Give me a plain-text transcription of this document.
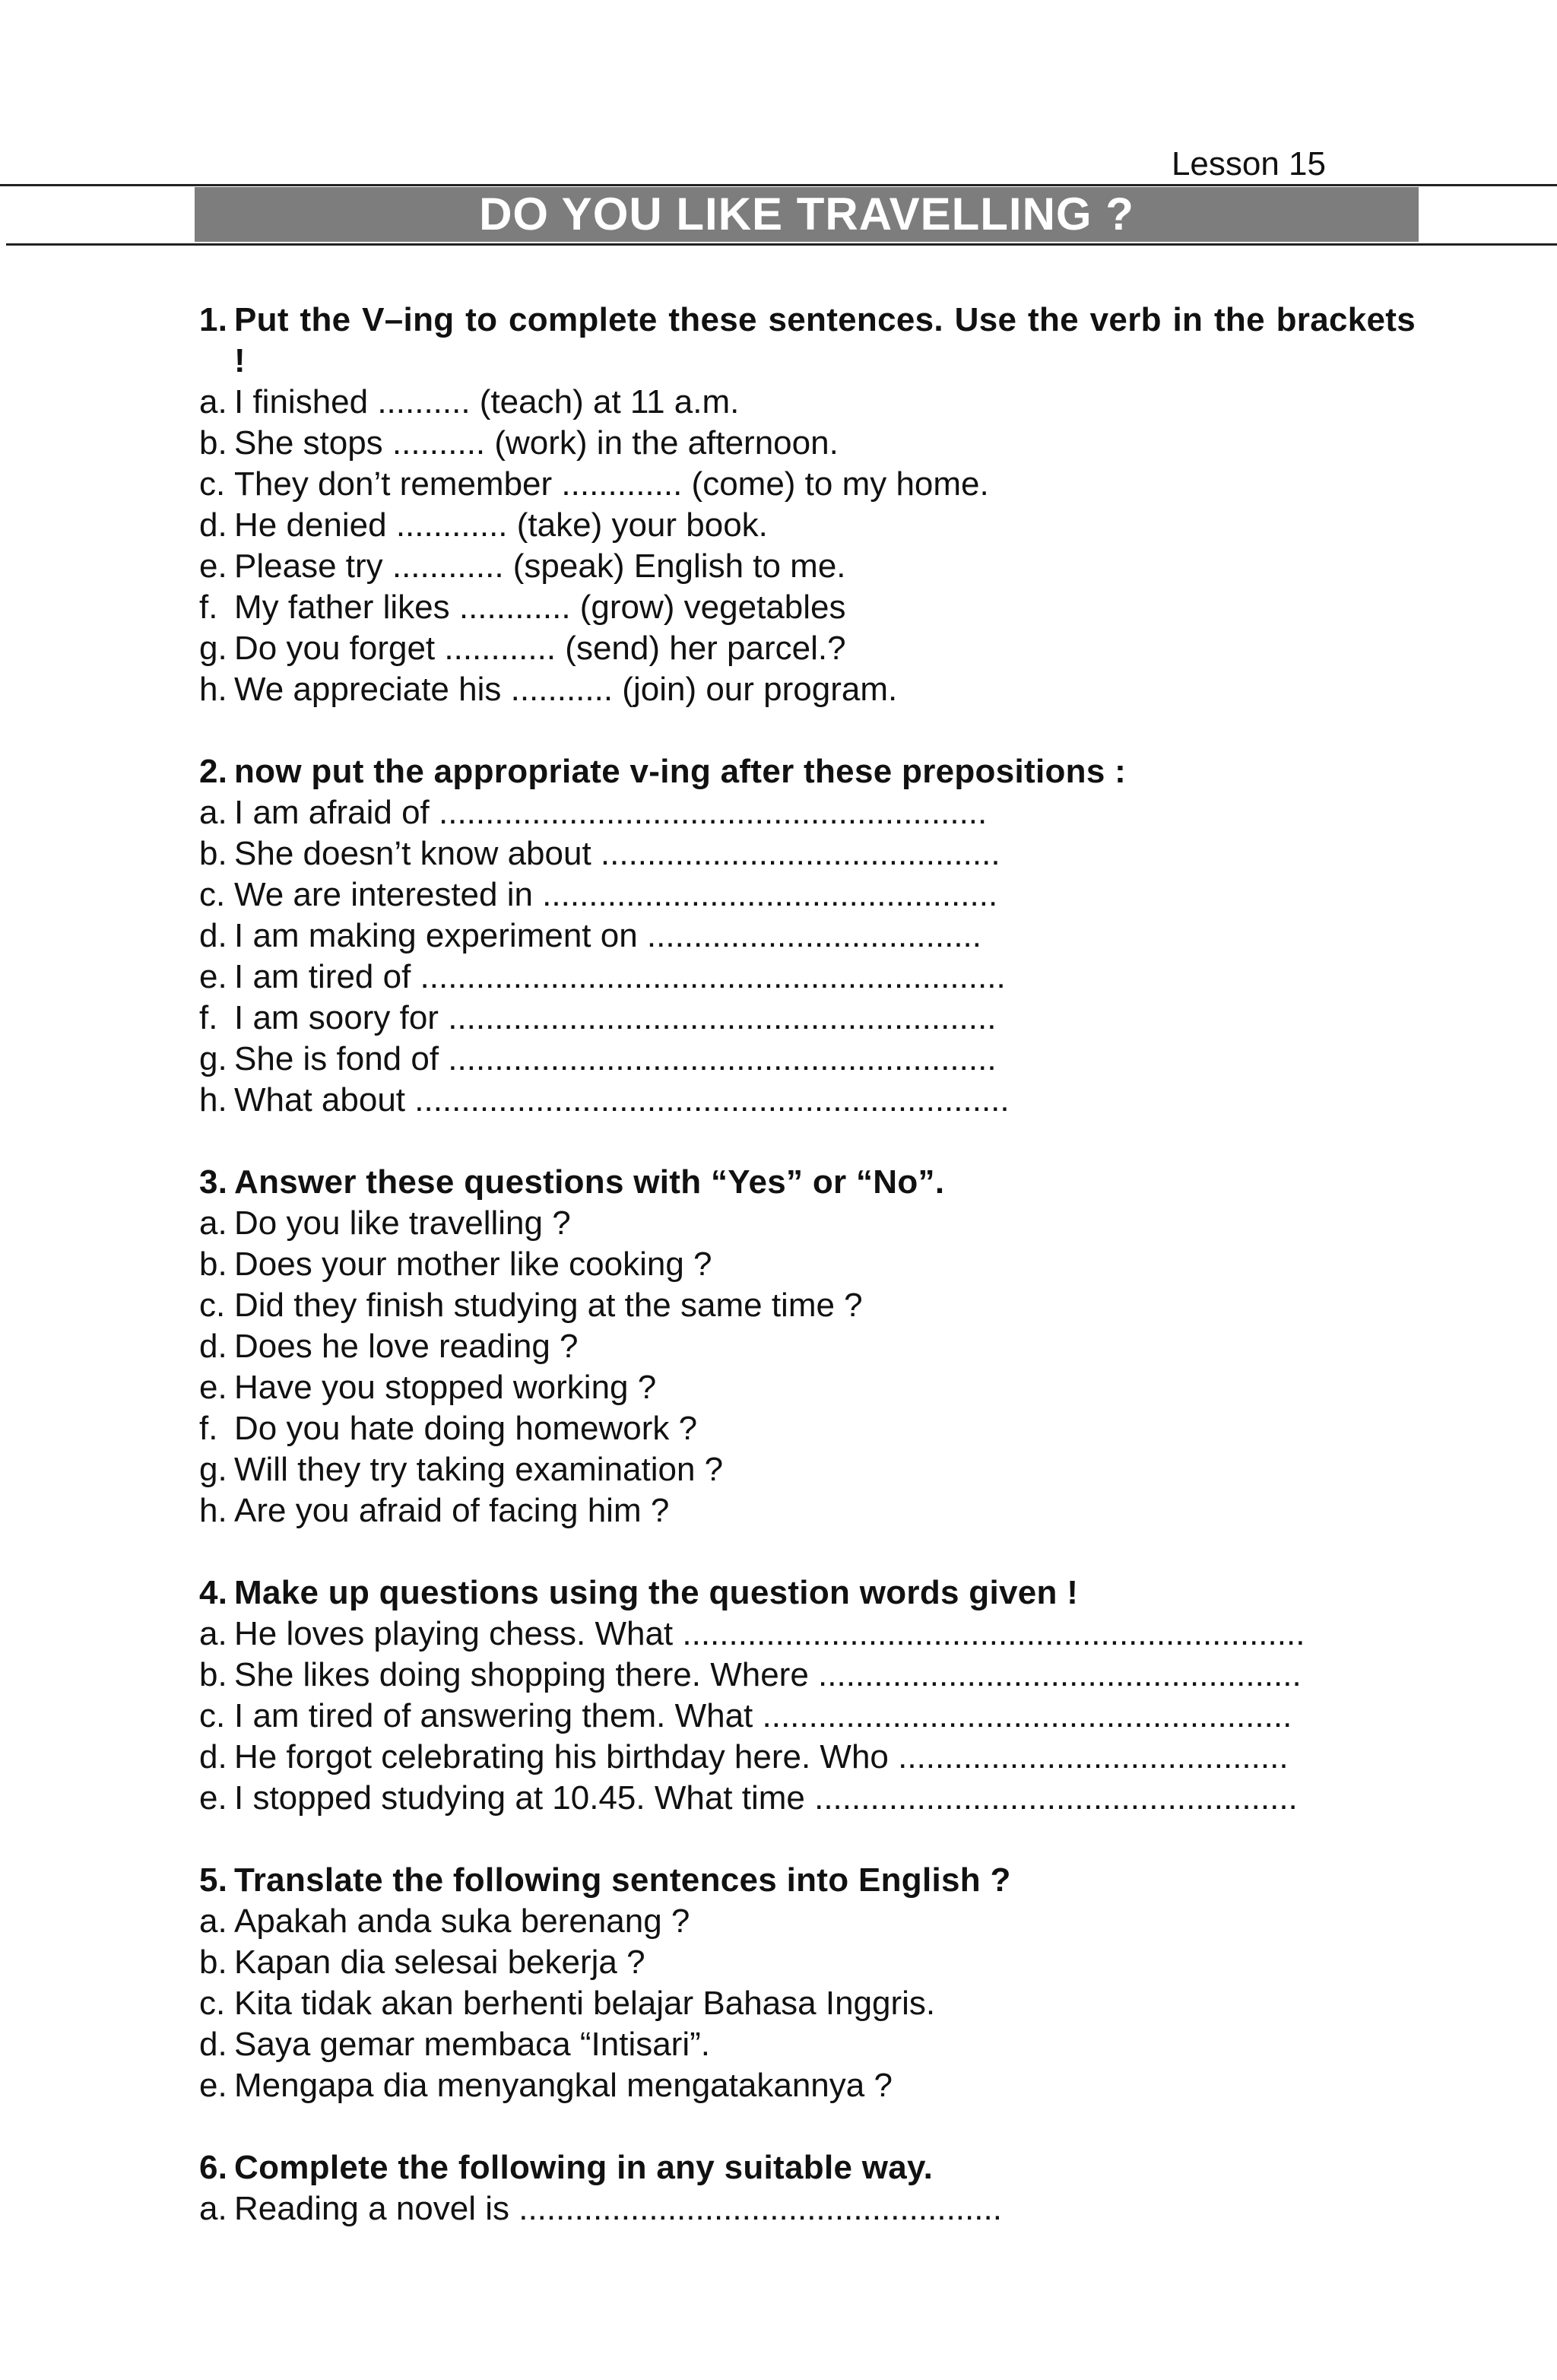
Lesson 15
DO YOU LIKE TRAVELLING ?
1. Put the V–ing to complete these sentences. Use the verb in the brackets !
a. I finished .......... (teach) at 11 a.m.
b. She stops .......... (work) in the afternoon.
c. They don’t remember ............. (come) to my home.
d. He denied ............ (take) your book.
e. Please try ............ (speak) English to me.
f. My father likes ............ (grow) vegetables
g. Do you forget ............ (send) her parcel.?
h. We appreciate his ........... (join) our program.
2. now put the appropriate v-ing after these prepositions :
a. I am afraid of ...........................................................
b. She doesn’t know about ...........................................
c. We are interested in .................................................
d. I am making experiment on ....................................
e. I am tired of ...............................................................
f. I am soory for ...........................................................
g. She is fond of ...........................................................
h. What about ................................................................
3. Answer these questions with “Yes” or “No”.
a. Do you like travelling ?
b. Does your mother like cooking ?
c. Did they finish studying at the same time ?
d. Does he love reading ?
e. Have you stopped working ?
f. Do you hate doing homework ?
g. Will they try taking examination ?
h. Are you afraid of facing him ?
4. Make up questions using the question words given !
a. He loves playing chess. What ...................................................................
b. She likes doing shopping there. Where ....................................................
c. I am tired of answering them. What .........................................................
d. He forgot celebrating his birthday here. Who ..........................................
e. I stopped studying at 10.45. What time ....................................................
5. Translate the following sentences into English ?
a. Apakah anda suka berenang ?
b. Kapan dia selesai bekerja ?
c. Kita tidak akan berhenti belajar Bahasa Inggris.
d. Saya gemar membaca “Intisari”.
e. Mengapa dia menyangkal mengatakannya ?
6. Complete the following in any suitable way.
a. Reading a novel is ....................................................
